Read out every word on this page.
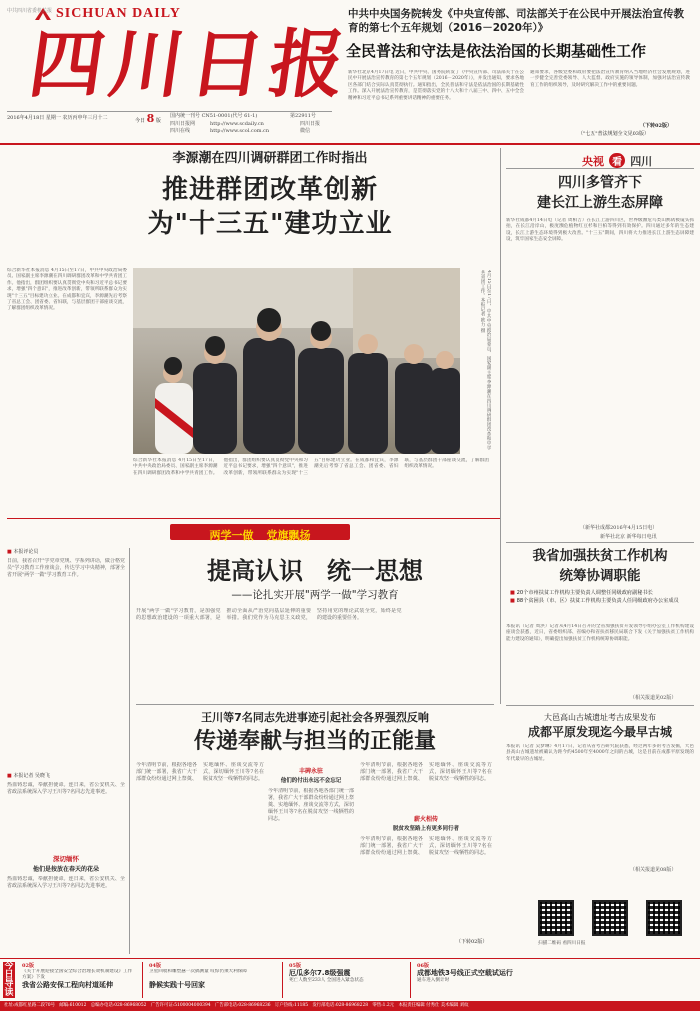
SICHUAN DAILY
四川日报
中共四川省委机关报
2016年4月18日 星期一 农历丙申年三月十二	今日 8 版
国内统一刊号 CN51-0001(代号 61-1)	第22911号
四川日报网
四川在线
http://www.scdaily.cn
http://www.scol.com.cn
四川日报
微信
中共中央国务院转发《中央宣传部、司法部关于在公民中开展法治宣传教育的第七个五年规划（2016－2020年）》
全民普法和守法是依法治国的长期基础性工作
新华社北京4月17日电 近日，中共中央、国务院转发了《中央宣传部、司法部关于在公民中开展法治宣传教育的第七个五年规划（2016－2020年）》，并发出通知，要求各地区各部门结合实际认真贯彻执行。通知指出，全民普法和守法是依法治国的长期基础性工作。深入开展法治宣传教育，是贯彻落实党的十八大和十八届三中、四中、五中全会精神和习近平总书记系列重要讲话精神的重要任务。
通知要求，各级党委和政府要把法治宣传教育纳入当地经济社会发展规划，进一步健全完善党委领导、人大监督、政府实施的领导体制，加强对法治宣传教育工作的组织领导，及时研究解决工作中的重要问题。
（下转02版）
（"七五"普法规划全文见03版）
李源潮在四川调研群团工作时指出
推进群团改革创新
为"十三五"建功立业
综合新华社本报消息 4月15日至17日，中共中央政治局委员、国家副主席李源潮在四川调研群团改革和中学共青团工作。他指出，群团组织要认真贯彻党中央和习近平总书记要求，增强"四个意识"，推进改革创新，带领所联系群众为实现"十三五"目标建功立业。在成都和宜宾，李源潮先后考察了省总工会、团省委、省妇联，与基层群团干部座谈交流，了解群团组织改革情况。	4月15日至17日，中共中央政治局委员、国家副主席李源潮在四川调研群团改革和中学共青团工作。本报记者 欧力 摄
综合新华社本报消息 4月15日至17日，中共中央政治局委员、国家副主席李源潮在四川调研群团改革和中学共青团工作。他指出，群团组织要认真贯彻党中央和习近平总书记要求，增强"四个意识"，推进改革创新，带领所联系群众为实现"十三五"目标建功立业。在成都和宜宾，李源潮先后考察了省总工会、团省委、省妇联，与基层群团干部座谈交流，了解群团组织改革情况。
央视 看 四川
四川多管齐下
建长江上游生态屏障
新华社成都4月14日电（记者 周相吉）在长江上游四川区，世界级濒危鸟类山鹧鸪被镜头抓拍，在长江沿岸山，极度濒危植物红豆杉和巨柏等得到有效保护。四川通过多年的生态建设，长江上游生态环境得到极大改善。"十三五"期间，四川将大力推进长江上游生态屏障建设，筑牢国家生态安全屏障。
（新华社成都2016年4月15日电）
新华社北京 新华每日电讯
我省加强扶贫工作机构
统筹协调职能
■ 20个市州扶贫工作机构主要负责人调整任同级政府副秘书长
■ 88个贫困县（市、区）扶贫工作机构主要负责人任同级政府办公室成员
本报讯（记者 周洪）记者从4月14日召开的全省加强扶贫开发领导小组办公室工作机构建设座谈会获悉，近日，省委组织部、省编办和省扶贫移民局联合下发《关于加强扶贫工作机构能力建设的通知》，明确提出加强扶贫工作机构统筹协调职能。
（相关报道见02版）
大邑高山古城遗址考古成果发布
成都平原发现迄今最早古城
本报讯（记者 吴梦琳）4月17日，记者从省考古研究院获悉，经过两年多的考古发掘，大邑县高山古城遗址被确认为距今约4500年至4000年之间的古城，这是目前在成都平原发现的年代最早的古城址。
（相关报道见08版）
两学一做 党旗飘扬
■ 本报评论员
日前，我省召开"学党章党规、学系列讲话，做合格党员"学习教育工作座谈会，传达学习中央精神，部署全省开展"两学一做"学习教育工作。
■ 本报记者 吴晓飞
热血铸忠诚，奉献担使命。连日来，省公安机关、全省政法系统深入学习王川等7名同志先进事迹。
深切缅怀
他们是按放在春天的花朵
热血铸忠诚，奉献担使命。连日来，省公安机关、全省政法系统深入学习王川等7名同志先进事迹。
提高认识　统一思想
——论扎实开展"两学一做"学习教育
开展"两学一做"学习教育，是加强党的思想政治建设的一项重大部署，是推动全面从严治党向基层延伸的重要举措。我们党作为马克思主义政党，坚持用党的理论武装全党，始终是党的建设的重要任务。
王川等7名同志先进事迹引起社会各界强烈反响
传递奉献与担当的正能量
今年清明节前，根据各地各部门统一部署，我省广大干部群众纷纷通过网上祭奠、实地缅怀、座谈交流等方式，深切缅怀王川等7名在脱贫攻坚一线牺牲的同志。
丰碑永驻
他们的付出永远不会忘记
今年清明节前，根据各地各部门统一部署，我省广大干部群众纷纷通过网上祭奠、实地缅怀、座谈交流等方式，深切缅怀王川等7名在脱贫攻坚一线牺牲的同志。
今年清明节前，根据各地各部门统一部署，我省广大干部群众纷纷通过网上祭奠、实地缅怀、座谈交流等方式，深切缅怀王川等7名在脱贫攻坚一线牺牲的同志。
薪火相传
脱贫攻坚路上有更多同行者
今年清明节前，根据各地各部门统一部署，我省广大干部群众纷纷通过网上祭奠、实地缅怀、座谈交流等方式，深切缅怀王川等7名在脱贫攻坚一线牺牲的同志。
（下转02版）	扫描二维码 看四川日报
今日导读
02版
《关于开展迎接全国安全综合治理长效机制建设》工作方案》下发
我省公路安保工程向村道延伸
04版
卫星回收和雕塑悬一次搞测量 叹惊仍须大利保障
静候实践十号回家
05版
厄瓜多尔7.8级强震
死亡人数至233人 全国进入紧急状态
06版
成都地铁3号线正式空载试运行
通车进入倒计时
社址:成都红星路二段70号　邮编:610012　总编办电话:028-86968052　广告许可证:5100004000394　广告部电话:028-86968236　订户热线:11185　发行部电话:028-86968228　零售:1.2元　本报责任编辑 付秀仕 美术编辑 刘纹
